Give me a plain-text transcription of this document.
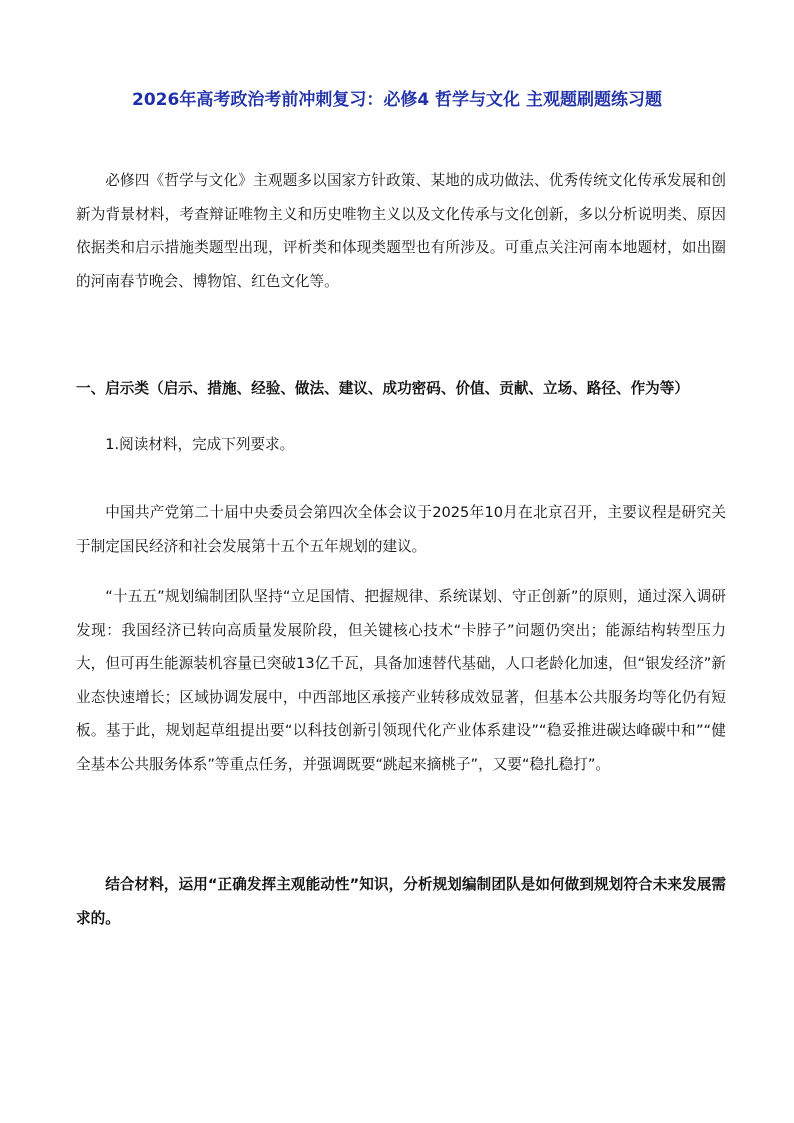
2026年高考政治考前冲刺复习：必修4 哲学与文化 主观题刷题练习题

必修四《哲学与文化》主观题多以国家方针政策、某地的成功做法、优秀传统文化传承发展和创新为背景材料，考查辩证唯物主义和历史唯物主义以及文化传承与文化创新，多以分析说明类、原因依据类和启示措施类题型出现，评析类和体现类题型也有所涉及。可重点关注河南本地题材，如出圈的河南春节晚会、博物馆、红色文化等。

一、启示类（启示、措施、经验、做法、建议、成功密码、价值、贡献、立场、路径、作为等）

1.阅读材料，完成下列要求。

中国共产党第二十届中央委员会第四次全体会议于2025年10月在北京召开，主要议程是研究关于制定国民经济和社会发展第十五个五年规划的建议。

“十五五”规划编制团队坚持“立足国情、把握规律、系统谋划、守正创新”的原则，通过深入调研发现：我国经济已转向高质量发展阶段，但关键核心技术“卡脖子”问题仍突出；能源结构转型压力大，但可再生能源装机容量已突破13亿千瓦，具备加速替代基础，人口老龄化加速，但“银发经济”新业态快速增长；区域协调发展中，中西部地区承接产业转移成效显著，但基本公共服务均等化仍有短板。基于此，规划起草组提出要“以科技创新引领现代化产业体系建设”“稳妥推进碳达峰碳中和”“健全基本公共服务体系”等重点任务，并强调既要“跳起来摘桃子”，又要“稳扎稳打”。

结合材料，运用“正确发挥主观能动性”知识，分析规划编制团队是如何做到规划符合未来发展需求的。
